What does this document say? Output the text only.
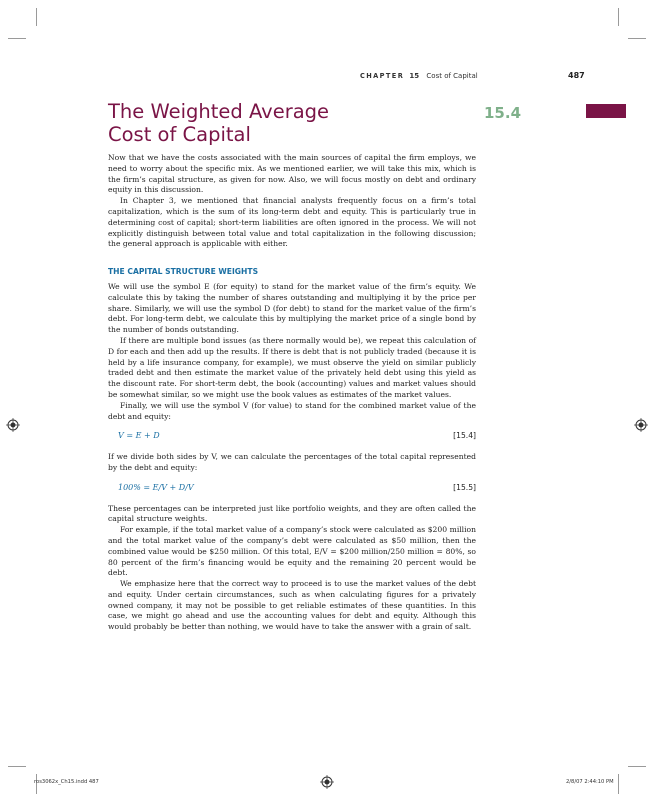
CHAPTER 15 Cost of Capital	487
15.4
The Weighted Average
Cost of Capital

Now that we have the costs associated with the main sources of capital the firm employs, we need to worry about the specific mix. As we mentioned earlier, we will take this mix, which is the firm’s capital structure, as given for now. Also, we will focus mostly on debt and ordinary equity in this discussion.

In Chapter 3, we mentioned that financial analysts frequently focus on a firm’s total capitalization, which is the sum of its long-term debt and equity. This is particularly true in determining cost of capital; short-term liabilities are often ignored in the process. We will not explicitly distinguish between total value and total capitalization in the following discussion; the general approach is applicable with either.

THE CAPITAL STRUCTURE WEIGHTS

We will use the symbol E (for equity) to stand for the market value of the firm’s equity. We calculate this by taking the number of shares outstanding and multiplying it by the price per share. Similarly, we will use the symbol D (for debt) to stand for the market value of the firm’s debt. For long-term debt, we calculate this by multiplying the market price of a single bond by the number of bonds outstanding.

If there are multiple bond issues (as there normally would be), we repeat this calculation of D for each and then add up the results. If there is debt that is not publicly traded (because it is held by a life insurance company, for example), we must observe the yield on similar publicly traded debt and then estimate the market value of the privately held debt using this yield as the discount rate. For short-term debt, the book (accounting) values and market values should be somewhat similar, so we might use the book values as estimates of the market values.

Finally, we will use the symbol V (for value) to stand for the combined market value of the debt and equity:

V = E + D	[15.4]

If we divide both sides by V, we can calculate the percentages of the total capital represented by the debt and equity:

100% = E/V + D/V	[15.5]

These percentages can be interpreted just like portfolio weights, and they are often called the capital structure weights.

For example, if the total market value of a company’s stock were calculated as $200 million and the total market value of the company’s debt were calculated as $50 million, then the combined value would be $250 million. Of this total, E/V = $200 million/250 million = 80%, so 80 percent of the firm’s financing would be equity and the remaining 20 percent would be debt.

We emphasize here that the correct way to proceed is to use the market values of the debt and equity. Under certain circumstances, such as when calculating figures for a privately owned company, it may not be possible to get reliable estimates of these quantities. In this case, we might go ahead and use the accounting values for debt and equity. Although this would probably be better than nothing, we would have to take the answer with a grain of salt.

ros3062x_Ch15.indd 487	2/8/07 2:44:10 PM
